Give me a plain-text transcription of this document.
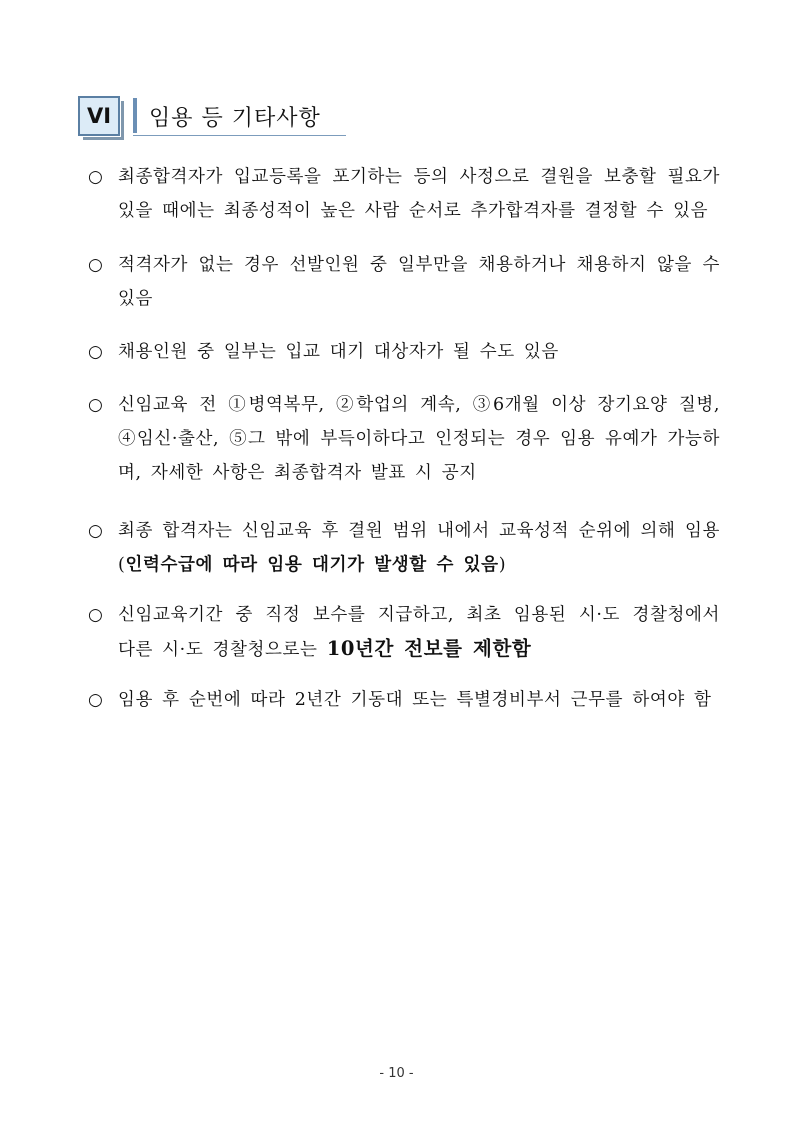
VI 임용 등 기타사항
○ 최종합격자가 입교등록을 포기하는 등의 사정으로 결원을 보충할 필요가 있을 때에는 최종성적이 높은 사람 순서로 추가합격자를 결정할 수 있음
○ 적격자가 없는 경우 선발인원 중 일부만을 채용하거나 채용하지 않을 수 있음
○ 채용인원 중 일부는 입교 대기 대상자가 될 수도 있음
○ 신임교육 전 ①병역복무, ②학업의 계속, ③6개월 이상 장기요양 질병, ④임신·출산, ⑤그 밖에 부득이하다고 인정되는 경우 임용 유예가 가능하며, 자세한 사항은 최종합격자 발표 시 공지
○ 최종 합격자는 신임교육 후 결원 범위 내에서 교육성적 순위에 의해 임용(인력수급에 따라 임용 대기가 발생할 수 있음)
○ 신임교육기간 중 직정 보수를 지급하고, 최초 임용된 시·도 경찰청에서 다른 시·도 경찰청으로는 10년간 전보를 제한함
○ 임용 후 순번에 따라 2년간 기동대 또는 특별경비부서 근무를 하여야 함
- 10 -
